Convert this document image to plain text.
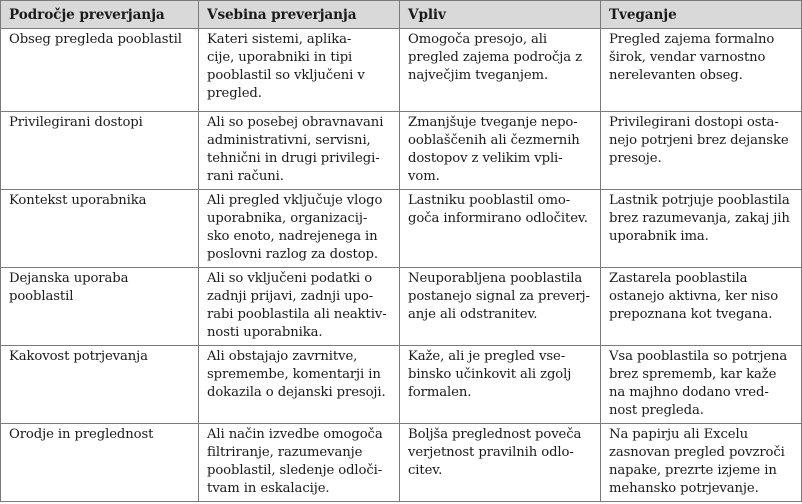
Področje preverjanja	Vsebina preverjanja	Vpliv	Tveganje

Obseg pregleda pooblastil	Kateri sistemi, aplika-
cije, uporabniki in tipi
pooblastil so vključeni v
pregled.	Omogoča presojo, ali
pregled zajema področja z
največjim tveganjem.	Pregled zajema formalno
širok, vendar varnostno
nerelevanten obseg.

Privilegirani dostopi	Ali so posebej obravnavani
administrativni, servisni,
tehnični in drugi privilegi-
rani računi.	Zmanjšuje tveganje nepo-
ooblaščenih ali čezmernih
dostopov z velikim vpli-
vom.	Privilegirani dostopi osta-
nejo potrjeni brez dejanske
presoje.

Kontekst uporabnika	Ali pregled vključuje vlogo
uporabnika, organizacij-
sko enoto, nadrejenega in
poslovni razlog za dostop.	Lastniku pooblastil omo-
goča informirano odločitev.	Lastnik potrjuje pooblastila
brez razumevanja, zakaj jih
uporabnik ima.

Dejanska uporaba
pooblastil	Ali so vključeni podatki o
zadnji prijavi, zadnji upo-
rabi pooblastila ali neaktiv-
nosti uporabnika.	Neuporabljena pooblastila
postanejo signal za preverj-
anje ali odstranitev.	Zastarela pooblastila
ostanejo aktivna, ker niso
prepoznana kot tvegana.

Kakovost potrjevanja	Ali obstajajo zavrnitve,
spremembe, komentarji in
dokazila o dejanski presoji.	Kaže, ali je pregled vse-
binsko učinkovit ali zgolj
formalen.	Vsa pooblastila so potrjena
brez sprememb, kar kaže
na majhno dodano vred-
nost pregleda.

Orodje in preglednost	Ali način izvedbe omogoča
filtriranje, razumevanje
pooblastil, sledenje odloči-
tvam in eskalacije.	Boljša preglednost poveča
verjetnost pravilnih odlo-
citev.	Na papirju ali Excelu
zasnovan pregled povzroči
napake, prezrte izjeme in
mehansko potrjevanje.
